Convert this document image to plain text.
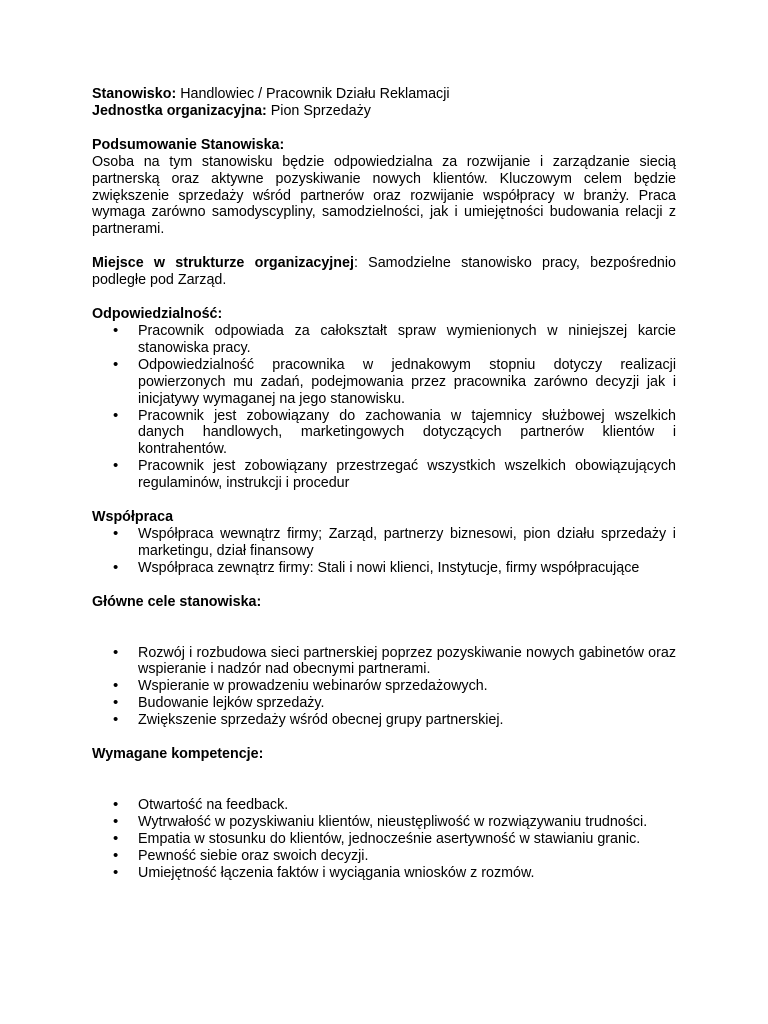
Stanowisko: Handlowiec / Pracownik Działu Reklamacji

Jednostka organizacyjna: Pion Sprzedaży

Podsumowanie Stanowiska:

Osoba na tym stanowisku będzie odpowiedzialna za rozwijanie i zarządzanie siecią partnerską oraz aktywne pozyskiwanie nowych klientów. Kluczowym celem będzie zwiększenie sprzedaży wśród partnerów oraz rozwijanie współpracy w branży. Praca wymaga zarówno samodyscypliny, samodzielności, jak i umiejętności budowania relacji z partnerami.

Miejsce w strukturze organizacyjnej: Samodzielne stanowisko pracy, bezpośrednio podległe pod Zarząd.

Odpowiedzialność:

• Pracownik odpowiada za całokształt spraw wymienionych w niniejszej karcie stanowiska pracy.
• Odpowiedzialność pracownika w jednakowym stopniu dotyczy realizacji powierzonych mu zadań, podejmowania przez pracownika zarówno decyzji jak i inicjatywy wymaganej na jego stanowisku.
• Pracownik jest zobowiązany do zachowania w tajemnicy służbowej wszelkich danych handlowych, marketingowych dotyczących partnerów klientów i kontrahentów.
• Pracownik jest zobowiązany przestrzegać wszystkich wszelkich obowiązujących regulaminów, instrukcji i procedur

Współpraca

• Współpraca wewnątrz firmy; Zarząd, partnerzy biznesowi, pion działu sprzedaży i marketingu, dział finansowy
• Współpraca zewnątrz firmy: Stali i nowi klienci, Instytucje, firmy współpracujące

Główne cele stanowiska:

• Rozwój i rozbudowa sieci partnerskiej poprzez pozyskiwanie nowych gabinetów oraz wspieranie i nadzór nad obecnymi partnerami.
• Wspieranie w prowadzeniu webinarów sprzedażowych.
• Budowanie lejków sprzedaży.
• Zwiększenie sprzedaży wśród obecnej grupy partnerskiej.

Wymagane kompetencje:

• Otwartość na feedback.
• Wytrwałość w pozyskiwaniu klientów, nieustępliwość w rozwiązywaniu trudności.
• Empatia w stosunku do klientów, jednocześnie asertywność w stawianiu granic.
• Pewność siebie oraz swoich decyzji.
• Umiejętność łączenia faktów i wyciągania wniosków z rozmów.
